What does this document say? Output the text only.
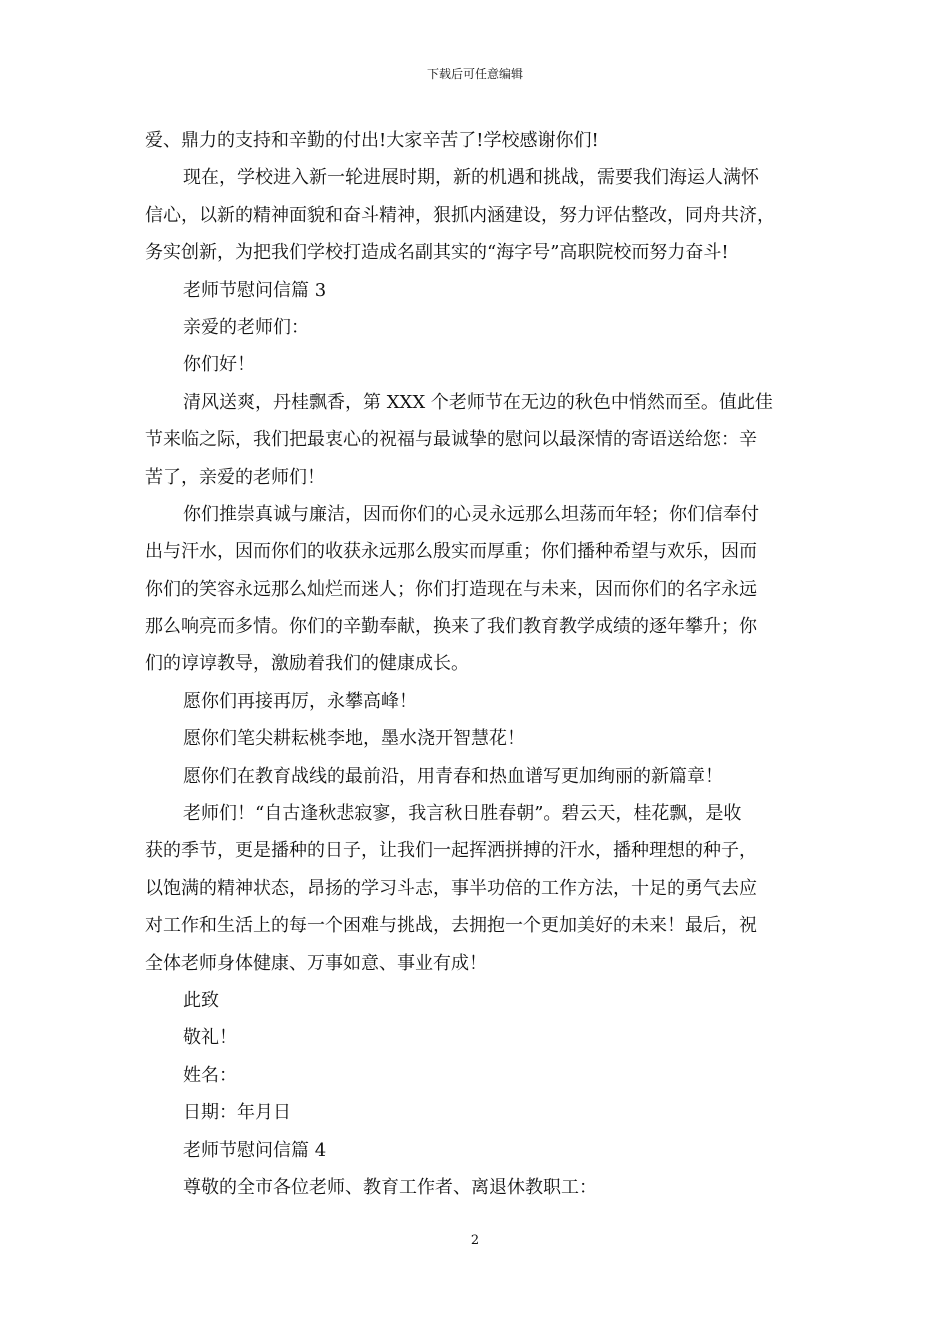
下载后可任意编辑
爱、鼎力的支持和辛勤的付出!大家辛苦了!学校感谢你们!
现在，学校进入新一轮进展时期，新的机遇和挑战，需要我们海运人满怀
信心，以新的精神面貌和奋斗精神，狠抓内涵建设，努力评估整改，同舟共济，
务实创新，为把我们学校打造成名副其实的“海字号”高职院校而努力奋斗!
老师节慰问信篇 3
亲爱的老师们：
你们好！
清风送爽，丹桂飘香，第 XXX 个老师节在无边的秋色中悄然而至。值此佳
节来临之际，我们把最衷心的祝福与最诚挚的慰问以最深情的寄语送给您：辛
苦了，亲爱的老师们！
你们推崇真诚与廉洁，因而你们的心灵永远那么坦荡而年轻；你们信奉付
出与汗水，因而你们的收获永远那么殷实而厚重；你们播种希望与欢乐，因而
你们的笑容永远那么灿烂而迷人；你们打造现在与未来，因而你们的名字永远
那么响亮而多情。你们的辛勤奉献，换来了我们教育教学成绩的逐年攀升；你
们的谆谆教导，激励着我们的健康成长。
愿你们再接再厉，永攀高峰！
愿你们笔尖耕耘桃李地，墨水浇开智慧花！
愿你们在教育战线的最前沿，用青春和热血谱写更加绚丽的新篇章！
老师们！“自古逢秋悲寂寥，我言秋日胜春朝”。碧云天，桂花飘，是收
获的季节，更是播种的日子，让我们一起挥洒拼搏的汗水，播种理想的种子，
以饱满的精神状态，昂扬的学习斗志，事半功倍的工作方法，十足的勇气去应
对工作和生活上的每一个困难与挑战，去拥抱一个更加美好的未来！最后，祝
全体老师身体健康、万事如意、事业有成！
此致
敬礼！
姓名：
日期：年月日
老师节慰问信篇 4
尊敬的全市各位老师、教育工作者、离退休教职工：
2
